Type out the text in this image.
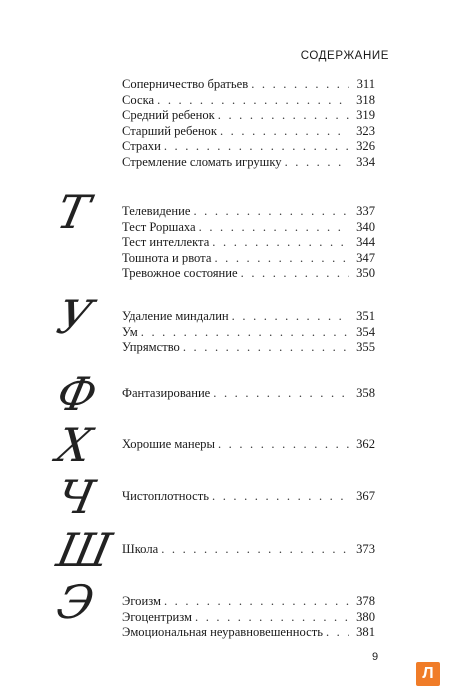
СОДЕРЖАНИЕ
Соперничество братьев . . .	311
Соска . . .	318
Средний ребенок . . .	319
Старший ребенок . . .	323
Страхи . . .	326
Стремление сломать игрушку . . .	334
Т Телевидение . . .	337
Тест Роршаха . . .	340
Тест интеллекта . . .	344
Тошнота и рвота . . .	347
Тревожное состояние . . .	350
У Удаление миндалин . . .	351
Ум . . .	354
Упрямство . . .	355
Ф Фантазирование . . .	358
Х Хорошие манеры . . .	362
Ч Чистоплотность . . .	367
Ш Школа . . .	373
Э Эгоизм . . .	378
Эгоцентризм . . .	380
Эмоциональная неуравновешенность . . .	381
9
Л
